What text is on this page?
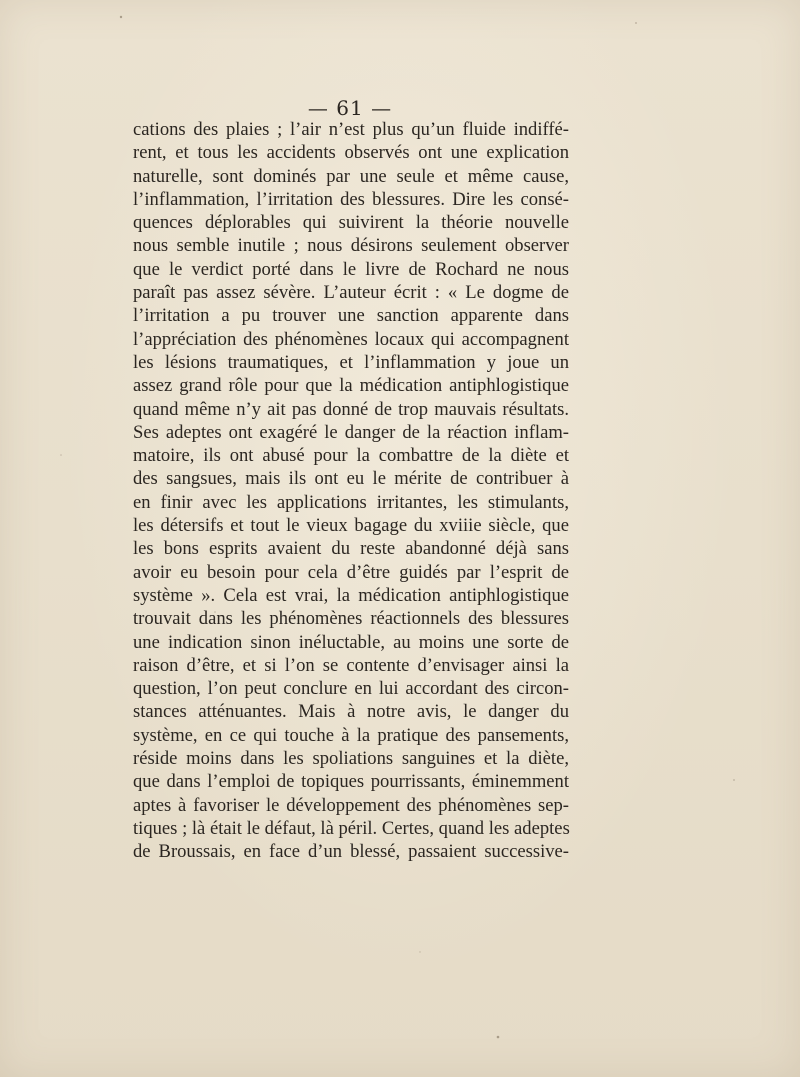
— 61 —
cations des plaies ; l’air n’est plus qu’un fluide indiffé-
rent, et tous les accidents observés ont une explication
naturelle, sont dominés par une seule et même cause,
l’inflammation, l’irritation des blessures. Dire les consé-
quences déplorables qui suivirent la théorie nouvelle
nous semble inutile ; nous désirons seulement observer
que le verdict porté dans le livre de Rochard ne nous
paraît pas assez sévère. L’auteur écrit : « Le dogme de
l’irritation a pu trouver une sanction apparente dans
l’appréciation des phénomènes locaux qui accompagnent
les lésions traumatiques, et l’inflammation y joue un
assez grand rôle pour que la médication antiphlogistique
quand même n’y ait pas donné de trop mauvais résultats.
Ses adeptes ont exagéré le danger de la réaction inflam-
matoire, ils ont abusé pour la combattre de la diète et
des sangsues, mais ils ont eu le mérite de contribuer à
en finir avec les applications irritantes, les stimulants,
les détersifs et tout le vieux bagage du xviiie siècle, que
les bons esprits avaient du reste abandonné déjà sans
avoir eu besoin pour cela d’être guidés par l’esprit de
système ». Cela est vrai, la médication antiphlogistique
trouvait dans les phénomènes réactionnels des blessures
une indication sinon inéluctable, au moins une sorte de
raison d’être, et si l’on se contente d’envisager ainsi la
question, l’on peut conclure en lui accordant des circon-
stances atténuantes. Mais à notre avis, le danger du
système, en ce qui touche à la pratique des pansements,
réside moins dans les spoliations sanguines et la diète,
que dans l’emploi de topiques pourrissants, éminemment
aptes à favoriser le développement des phénomènes sep-
tiques ; là était le défaut, là péril. Certes, quand les adeptes
de Broussais, en face d’un blessé, passaient successive-
